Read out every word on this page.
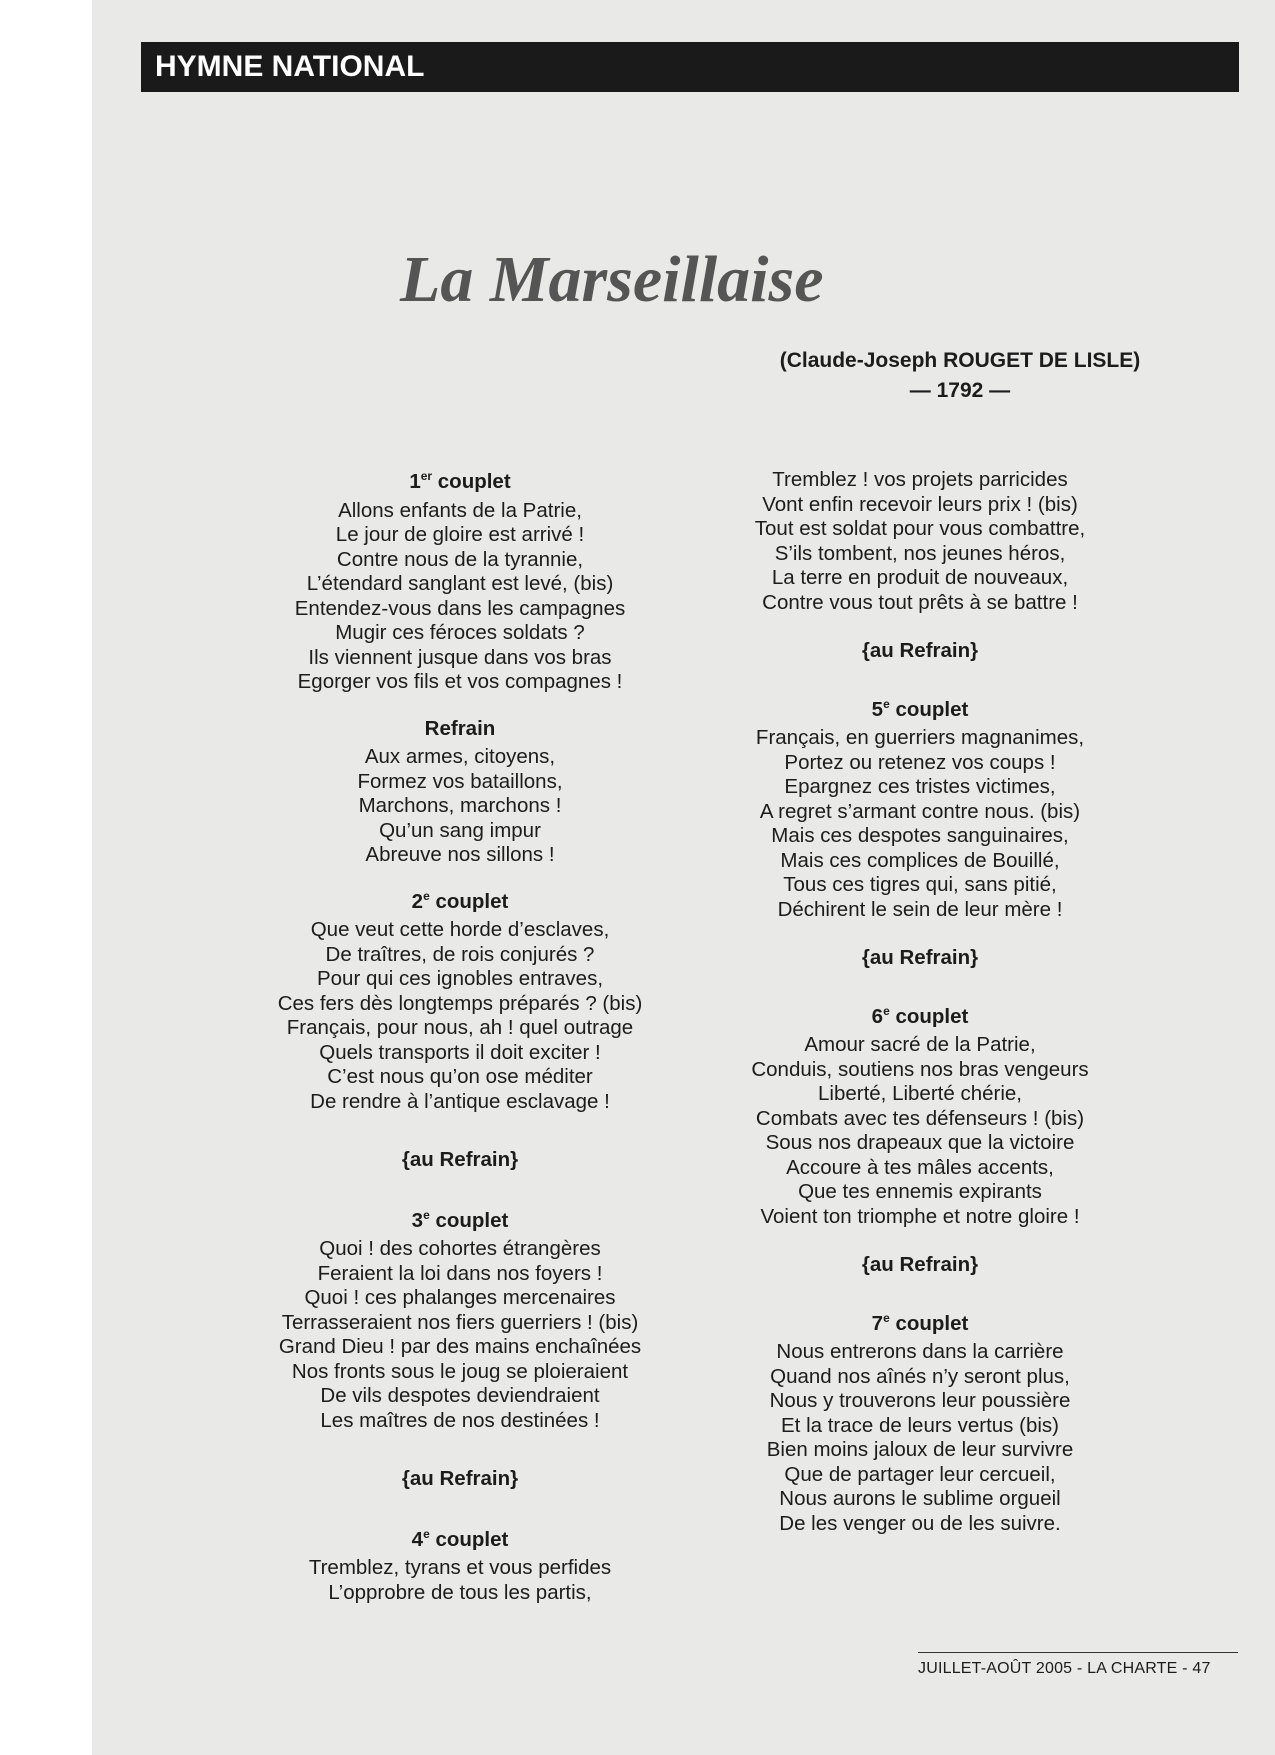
HYMNE NATIONAL
La Marseillaise
(Claude-Joseph ROUGET DE LISLE)
— 1792 —
1er couplet
Allons enfants de la Patrie,
Le jour de gloire est arrivé !
Contre nous de la tyrannie,
L’étendard sanglant est levé, (bis)
Entendez-vous dans les campagnes
Mugir ces féroces soldats ?
Ils viennent jusque dans vos bras
Egorger vos fils et vos compagnes !
Refrain
Aux armes, citoyens,
Formez vos bataillons,
Marchons, marchons !
Qu’un sang impur
Abreuve nos sillons !
2e couplet
Que veut cette horde d’esclaves,
De traîtres, de rois conjurés ?
Pour qui ces ignobles entraves,
Ces fers dès longtemps préparés ? (bis)
Français, pour nous, ah ! quel outrage
Quels transports il doit exciter !
C’est nous qu’on ose méditer
De rendre à l’antique esclavage !
{au Refrain}
3e couplet
Quoi ! des cohortes étrangères
Feraient la loi dans nos foyers !
Quoi ! ces phalanges mercenaires
Terrasseraient nos fiers guerriers ! (bis)
Grand Dieu ! par des mains enchaînées
Nos fronts sous le joug se ploieraient
De vils despotes deviendraient
Les maîtres de nos destinées !
{au Refrain}
4e couplet
Tremblez, tyrans et vous perfides
L’opprobre de tous les partis,
Tremblez ! vos projets parricides
Vont enfin recevoir leurs prix ! (bis)
Tout est soldat pour vous combattre,
S’ils tombent, nos jeunes héros,
La terre en produit de nouveaux,
Contre vous tout prêts à se battre !
{au Refrain}
5e couplet
Français, en guerriers magnanimes,
Portez ou retenez vos coups !
Epargnez ces tristes victimes,
A regret s’armant contre nous. (bis)
Mais ces despotes sanguinaires,
Mais ces complices de Bouillé,
Tous ces tigres qui, sans pitié,
Déchirent le sein de leur mère !
{au Refrain}
6e couplet
Amour sacré de la Patrie,
Conduis, soutiens nos bras vengeurs
Liberté, Liberté chérie,
Combats avec tes défenseurs ! (bis)
Sous nos drapeaux que la victoire
Accoure à tes mâles accents,
Que tes ennemis expirants
Voient ton triomphe et notre gloire !
{au Refrain}
7e couplet
Nous entrerons dans la carrière
Quand nos aînés n’y seront plus,
Nous y trouverons leur poussière
Et la trace de leurs vertus (bis)
Bien moins jaloux de leur survivre
Que de partager leur cercueil,
Nous aurons le sublime orgueil
De les venger ou de les suivre.
JUILLET-AOÛT 2005 - LA CHARTE - 47
